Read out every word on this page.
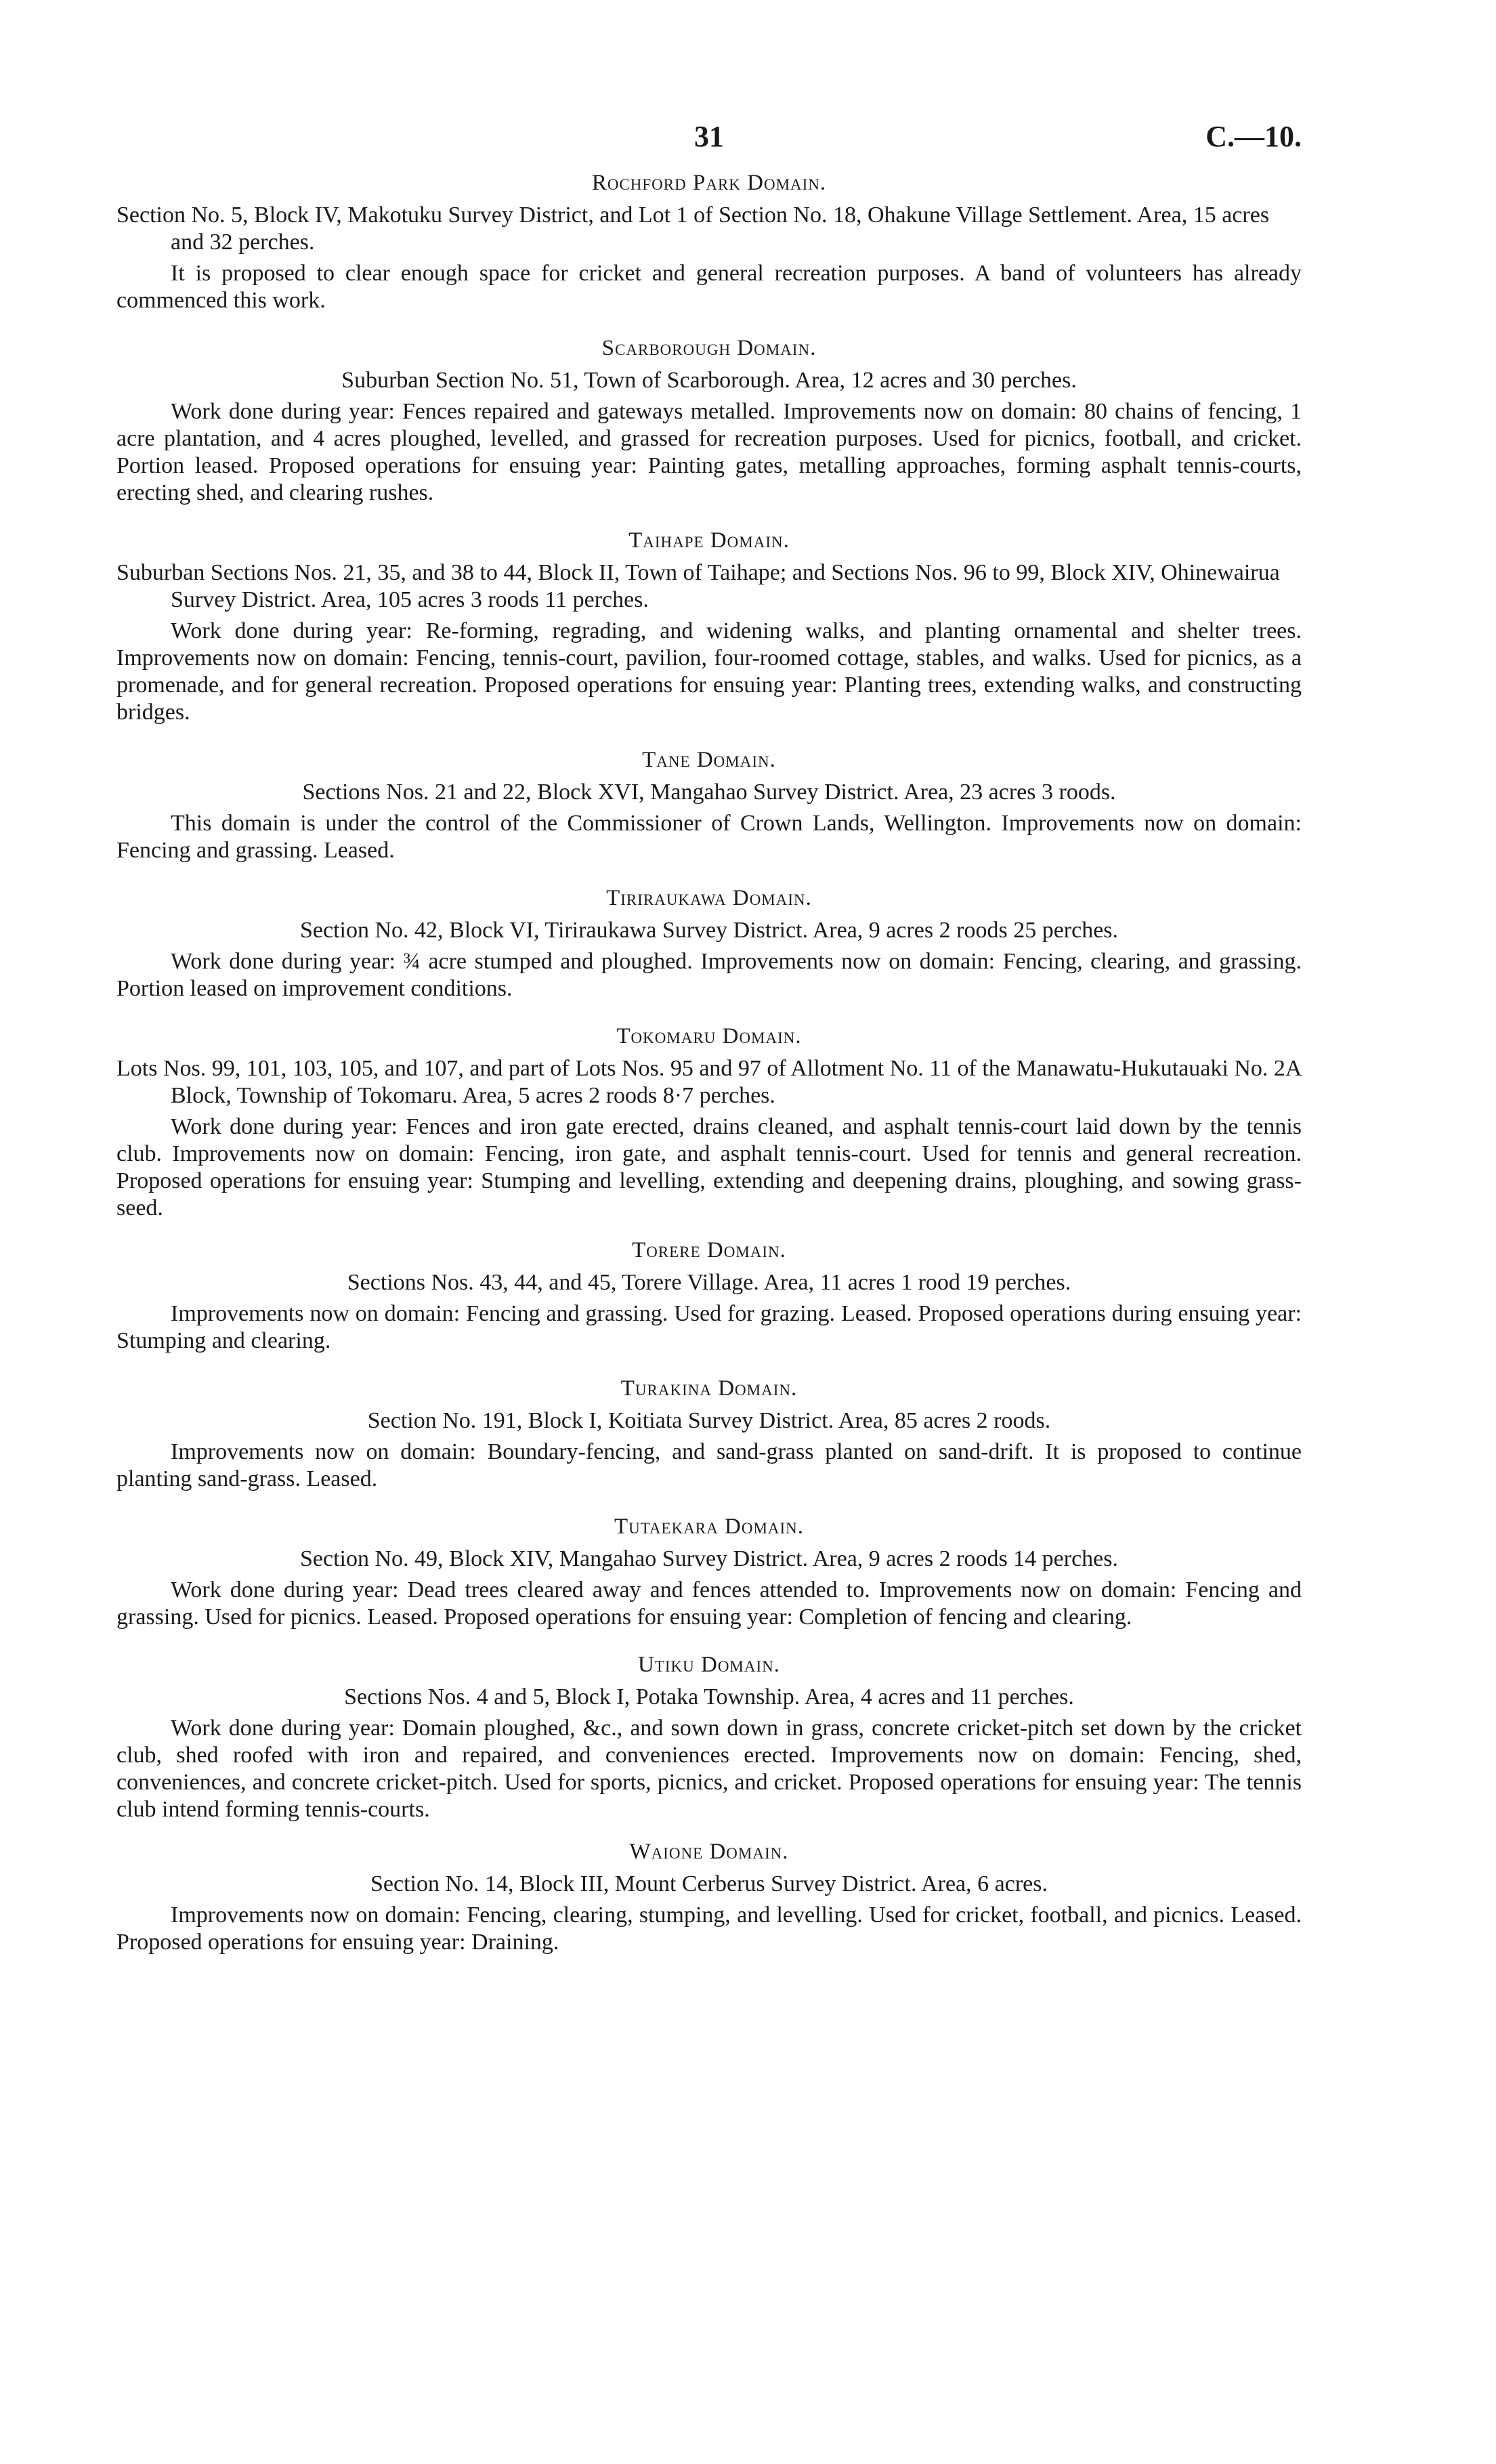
31	C.—10.
Rochford Park Domain.

Section No. 5, Block IV, Makotuku Survey District, and Lot 1 of Section No. 18, Ohakune Village Settlement. Area, 15 acres and 32 perches.

It is proposed to clear enough space for cricket and general recreation purposes. A band of volunteers has already commenced this work.

Scarborough Domain.

Suburban Section No. 51, Town of Scarborough. Area, 12 acres and 30 perches.

Work done during year: Fences repaired and gateways metalled. Improvements now on domain: 80 chains of fencing, 1 acre plantation, and 4 acres ploughed, levelled, and grassed for recreation purposes. Used for picnics, football, and cricket. Portion leased. Proposed operations for ensuing year: Painting gates, metalling approaches, forming asphalt tennis-courts, erecting shed, and clearing rushes.

Taihape Domain.

Suburban Sections Nos. 21, 35, and 38 to 44, Block II, Town of Taihape; and Sections Nos. 96 to 99, Block XIV, Ohinewairua Survey District. Area, 105 acres 3 roods 11 perches.

Work done during year: Re-forming, regrading, and widening walks, and planting ornamental and shelter trees. Improvements now on domain: Fencing, tennis-court, pavilion, four-roomed cottage, stables, and walks. Used for picnics, as a promenade, and for general recreation. Proposed operations for ensuing year: Planting trees, extending walks, and constructing bridges.

Tane Domain.

Sections Nos. 21 and 22, Block XVI, Mangahao Survey District. Area, 23 acres 3 roods.

This domain is under the control of the Commissioner of Crown Lands, Wellington. Improvements now on domain: Fencing and grassing. Leased.

Tiriraukawa Domain.

Section No. 42, Block VI, Tiriraukawa Survey District. Area, 9 acres 2 roods 25 perches.

Work done during year: ¾ acre stumped and ploughed. Improvements now on domain: Fencing, clearing, and grassing. Portion leased on improvement conditions.

Tokomaru Domain.

Lots Nos. 99, 101, 103, 105, and 107, and part of Lots Nos. 95 and 97 of Allotment No. 11 of the Manawatu-Hukutauaki No. 2A Block, Township of Tokomaru. Area, 5 acres 2 roods 8·7 perches.

Work done during year: Fences and iron gate erected, drains cleaned, and asphalt tennis-court laid down by the tennis club. Improvements now on domain: Fencing, iron gate, and asphalt tennis-court. Used for tennis and general recreation. Proposed operations for ensuing year: Stumping and levelling, extending and deepening drains, ploughing, and sowing grass-seed.

Torere Domain.

Sections Nos. 43, 44, and 45, Torere Village. Area, 11 acres 1 rood 19 perches.

Improvements now on domain: Fencing and grassing. Used for grazing. Leased. Proposed operations during ensuing year: Stumping and clearing.

Turakina Domain.

Section No. 191, Block I, Koitiata Survey District. Area, 85 acres 2 roods.

Improvements now on domain: Boundary-fencing, and sand-grass planted on sand-drift. It is proposed to continue planting sand-grass. Leased.

Tutaekara Domain.

Section No. 49, Block XIV, Mangahao Survey District. Area, 9 acres 2 roods 14 perches.

Work done during year: Dead trees cleared away and fences attended to. Improvements now on domain: Fencing and grassing. Used for picnics. Leased. Proposed operations for ensuing year: Completion of fencing and clearing.

Utiku Domain.

Sections Nos. 4 and 5, Block I, Potaka Township. Area, 4 acres and 11 perches.

Work done during year: Domain ploughed, &c., and sown down in grass, concrete cricket-pitch set down by the cricket club, shed roofed with iron and repaired, and conveniences erected. Improvements now on domain: Fencing, shed, conveniences, and concrete cricket-pitch. Used for sports, picnics, and cricket. Proposed operations for ensuing year: The tennis club intend forming tennis-courts.

Waione Domain.

Section No. 14, Block III, Mount Cerberus Survey District. Area, 6 acres.

Improvements now on domain: Fencing, clearing, stumping, and levelling. Used for cricket, football, and picnics. Leased. Proposed operations for ensuing year: Draining.
